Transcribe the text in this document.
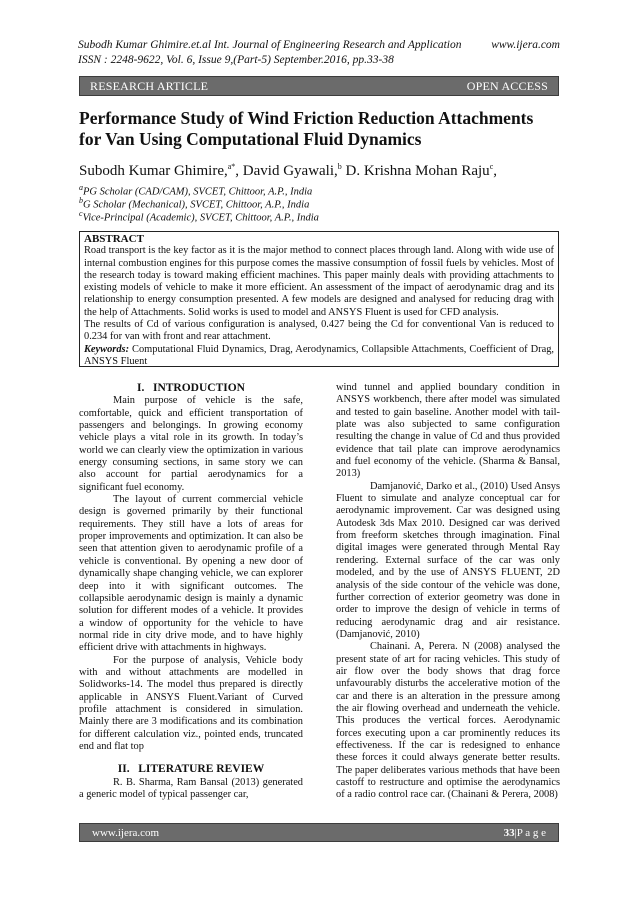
Subodh Kumar Ghimire.et.al Int. Journal of Engineering Research and Application	www.ijera.com
ISSN : 2248-9622, Vol. 6, Issue 9,(Part-5) September.2016, pp.33-38
RESEARCH ARTICLE	OPEN ACCESS
Performance Study of Wind Friction Reduction Attachments for Van Using Computational Fluid Dynamics
Subodh Kumar Ghimire,$^{a*}$, David Gyawali,$^b$ D. Krishna Mohan Raju$^c$,
$^a$PG Scholar (CAD/CAM), SVCET, Chittoor, A.P., India
$^b$G Scholar (Mechanical), SVCET, Chittoor, A.P., India
$^c$Vice-Principal (Academic), SVCET, Chittoor, A.P., India
ABSTRACT

Road transport is the key factor as it is the major method to connect places through land. Along with wide use of internal combustion engines for this purpose comes the massive consumption of fossil fuels by vehicles. Most of the research today is toward making efficient machines. This paper mainly deals with providing attachments to existing models of vehicle to make it more efficient. An assessment of the impact of aerodynamic drag and its relationship to energy consumption presented. A few models are designed and analysed for reducing drag with the help of Attachments. Solid works is used to model and ANSYS Fluent is used for CFD analysis.

The results of Cd of various configuration is analysed, 0.427 being the Cd for conventional Van is reduced to 0.234 for van with front and rear attachment.

Keywords: Computational Fluid Dynamics, Drag, Aerodynamics, Collapsible Attachments, Coefficient of Drag, ANSYS Fluent

I.   INTRODUCTION

Main purpose of vehicle is the safe, comfortable, quick and efficient transportation of passengers and belongings. In growing economy vehicle plays a vital role in its growth. In today’s world we can clearly view the optimization in various energy consuming sections, in same story we can also account for partial aerodynamics for a significant fuel economy.

The layout of current commercial vehicle design is governed primarily by their functional requirements. They still have a lots of areas for proper improvements and optimization. It can also be seen that attention given to aerodynamic profile of a vehicle is conventional. By opening a new door of dynamically shape changing vehicle, we can explorer deep into it with significant outcomes. The collapsible aerodynamic design is mainly a dynamic solution for different modes of a vehicle. It provides a window of opportunity for the vehicle to have normal ride in city drive mode, and to have highly efficient drive with attachments in highways.

For the purpose of analysis, Vehicle body with and without attachments are modelled in Solidworks-14. The model thus prepared is directly applicable in ANSYS Fluent.Variant of Curved profile attachment is considered in simulation. Mainly there are 3 modifications and its combination for different calculation viz., pointed ends, truncated end and flat top

II.   LITERATURE REVIEW

R. B. Sharma, Ram Bansal (2013) generated a generic model of typical passenger car,

wind tunnel and applied boundary condition in ANSYS workbench, there after model was simulated and tested to gain baseline. Another model with tail-plate was also subjected to same configuration resulting the change in value of Cd and thus provided evidence that tail plate can improve aerodynamics and fuel economy of the vehicle. (Sharma & Bansal, 2013)

Damjanović, Darko et al., (2010) Used Ansys Fluent to simulate and analyze conceptual car for aerodynamic improvement. Car was designed using Autodesk 3ds Max 2010. Designed car was derived from freeform sketches through imagination. Final digital images were generated through Mental Ray rendering. External surface of the car was only modeled, and by the use of ANSYS FLUENT, 2D analysis of the side contour of the vehicle was done, further correction of exterior geometry was done in order to improve the design of vehicle in terms of reducing aerodynamic drag and air resistance. (Damjanović, 2010)

Chainani. A, Perera. N (2008) analysed the present state of art for racing vehicles. This study of air flow over the body shows that drag force unfavourably disturbs the accelerative motion of the car and there is an alteration in the pressure among the air flowing overhead and underneath the vehicle. This produces the vertical forces. Aerodynamic forces executing upon a car prominently reduces its effectiveness. If the car is redesigned to enhance these forces it could always generate better results. The paper deliberates various methods that have been castoff to restructure and optimise the aerodynamics of a radio control race car. (Chainani & Perera, 2008)

www.ijera.com	33|P a g e
